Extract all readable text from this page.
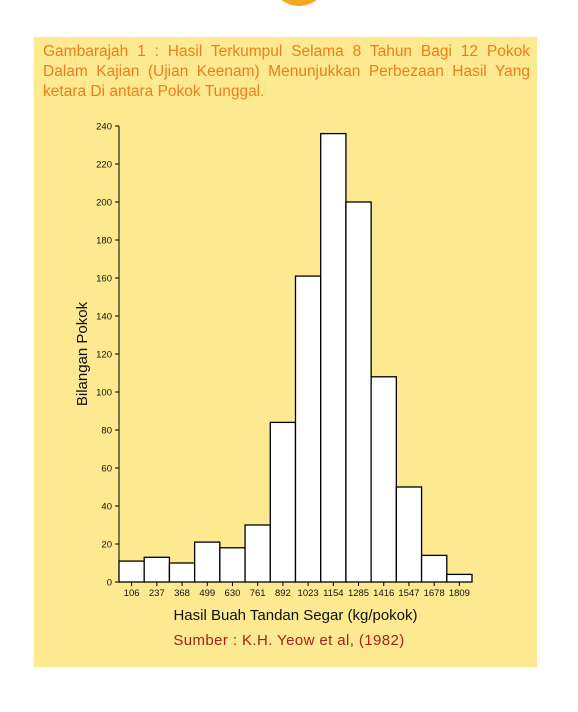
Gambarajah 1 : Hasil Terkumpul Selama 8 Tahun Bagi 12 Pokok Dalam Kajian (Ujian Keenam) Menunjukkan Perbezaan Hasil Yang ketara Di antara Pokok Tunggal.

0
20
40
60
80
100
120
140
160
180
200
220
240
106 237 368 499 630 761 892 1023 1154 1285 1416 1547 1678 1809
Hasil Buah Tandan Segar (kg/pokok)
Bilangan Pokok

Sumber : K.H. Yeow et al, (1982)
